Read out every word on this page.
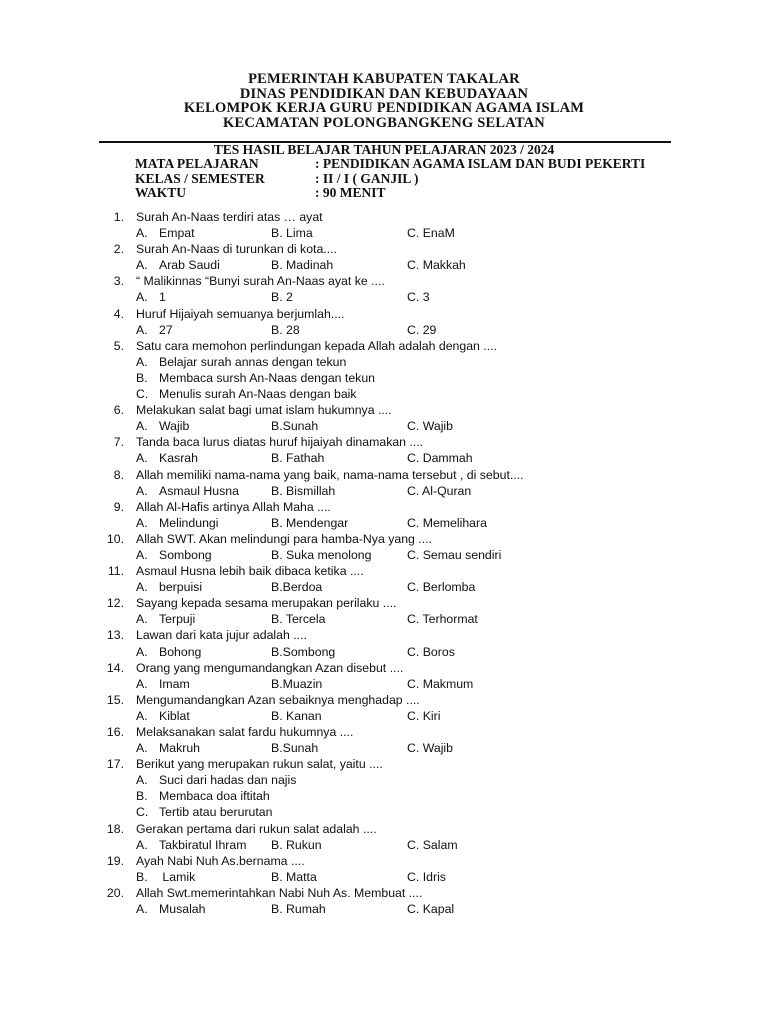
PEMERINTAH KABUPATEN TAKALAR
DINAS PENDIDIKAN DAN KEBUDAYAAN
KELOMPOK KERJA GURU PENDIDIKAN AGAMA ISLAM
KECAMATAN POLONGBANGKENG SELATAN
TES HASIL BELAJAR TAHUN PELAJARAN 2023 / 2024
MATA PELAJARAN	: PENDIDIKAN AGAMA ISLAM DAN BUDI PEKERTI
KELAS / SEMESTER	: II / I ( GANJIL )
WAKTU	: 90 MENIT
1. Surah An-Naas terdiri atas … ayat
A. Empat	B. Lima	C. EnaM
2. Surah An-Naas di turunkan di kota....
A. Arab Saudi	B. Madinah	C. Makkah
3. “ Malikinnas “Bunyi surah An-Naas ayat ke ....
A. 1	B. 2	C. 3
4. Huruf Hijaiyah semuanya berjumlah....
A. 27	B. 28	C. 29
5. Satu cara memohon perlindungan kepada Allah adalah dengan ....
A. Belajar surah annas dengan tekun
B. Membaca sursh An-Naas dengan tekun
C. Menulis surah An-Naas dengan baik
6. Melakukan salat bagi umat islam hukumnya ....
A. Wajib	B.Sunah	C. Wajib
7. Tanda baca lurus diatas huruf hijaiyah dinamakan ....
A. Kasrah	B. Fathah	C. Dammah
8. Allah memiliki nama-nama yang baik, nama-nama tersebut , di sebut....
A. Asmaul Husna	B. Bismillah	C. Al-Quran
9. Allah Al-Hafis artinya Allah Maha ....
A. Melindungi	B. Mendengar	C. Memelihara
10. Allah SWT. Akan melindungi para hamba-Nya yang ....
A. Sombong	B. Suka menolong	C. Semau sendiri
11. Asmaul Husna lebih baik dibaca ketika ....
A. berpuisi	B.Berdoa	C. Berlomba
12. Sayang kepada sesama merupakan perilaku ....
A. Terpuji	B. Tercela	C. Terhormat
13. Lawan dari kata jujur adalah ....
A. Bohong	B.Sombong	C. Boros
14. Orang yang mengumandangkan Azan disebut ....
A. Imam	B.Muazin	C. Makmum
15. Mengumandangkan Azan sebaiknya menghadap ....
A. Kiblat	B. Kanan	C. Kiri
16. Melaksanakan salat fardu hukumnya ....
A. Makruh	B.Sunah	C. Wajib
17. Berikut yang merupakan rukun salat, yaitu ....
A. Suci dari hadas dan najis
B. Membaca doa iftitah
C. Tertib atau berurutan
18. Gerakan pertama dari rukun salat adalah ....
A. Takbiratul Ihram B. Rukun	C. Salam
19. Ayah Nabi Nuh As.bernama ....
B. Lamik	B. Matta	C. Idris
20. Allah Swt.memerintahkan Nabi Nuh As. Membuat ....
A. Musalah	B. Rumah	C. Kapal
